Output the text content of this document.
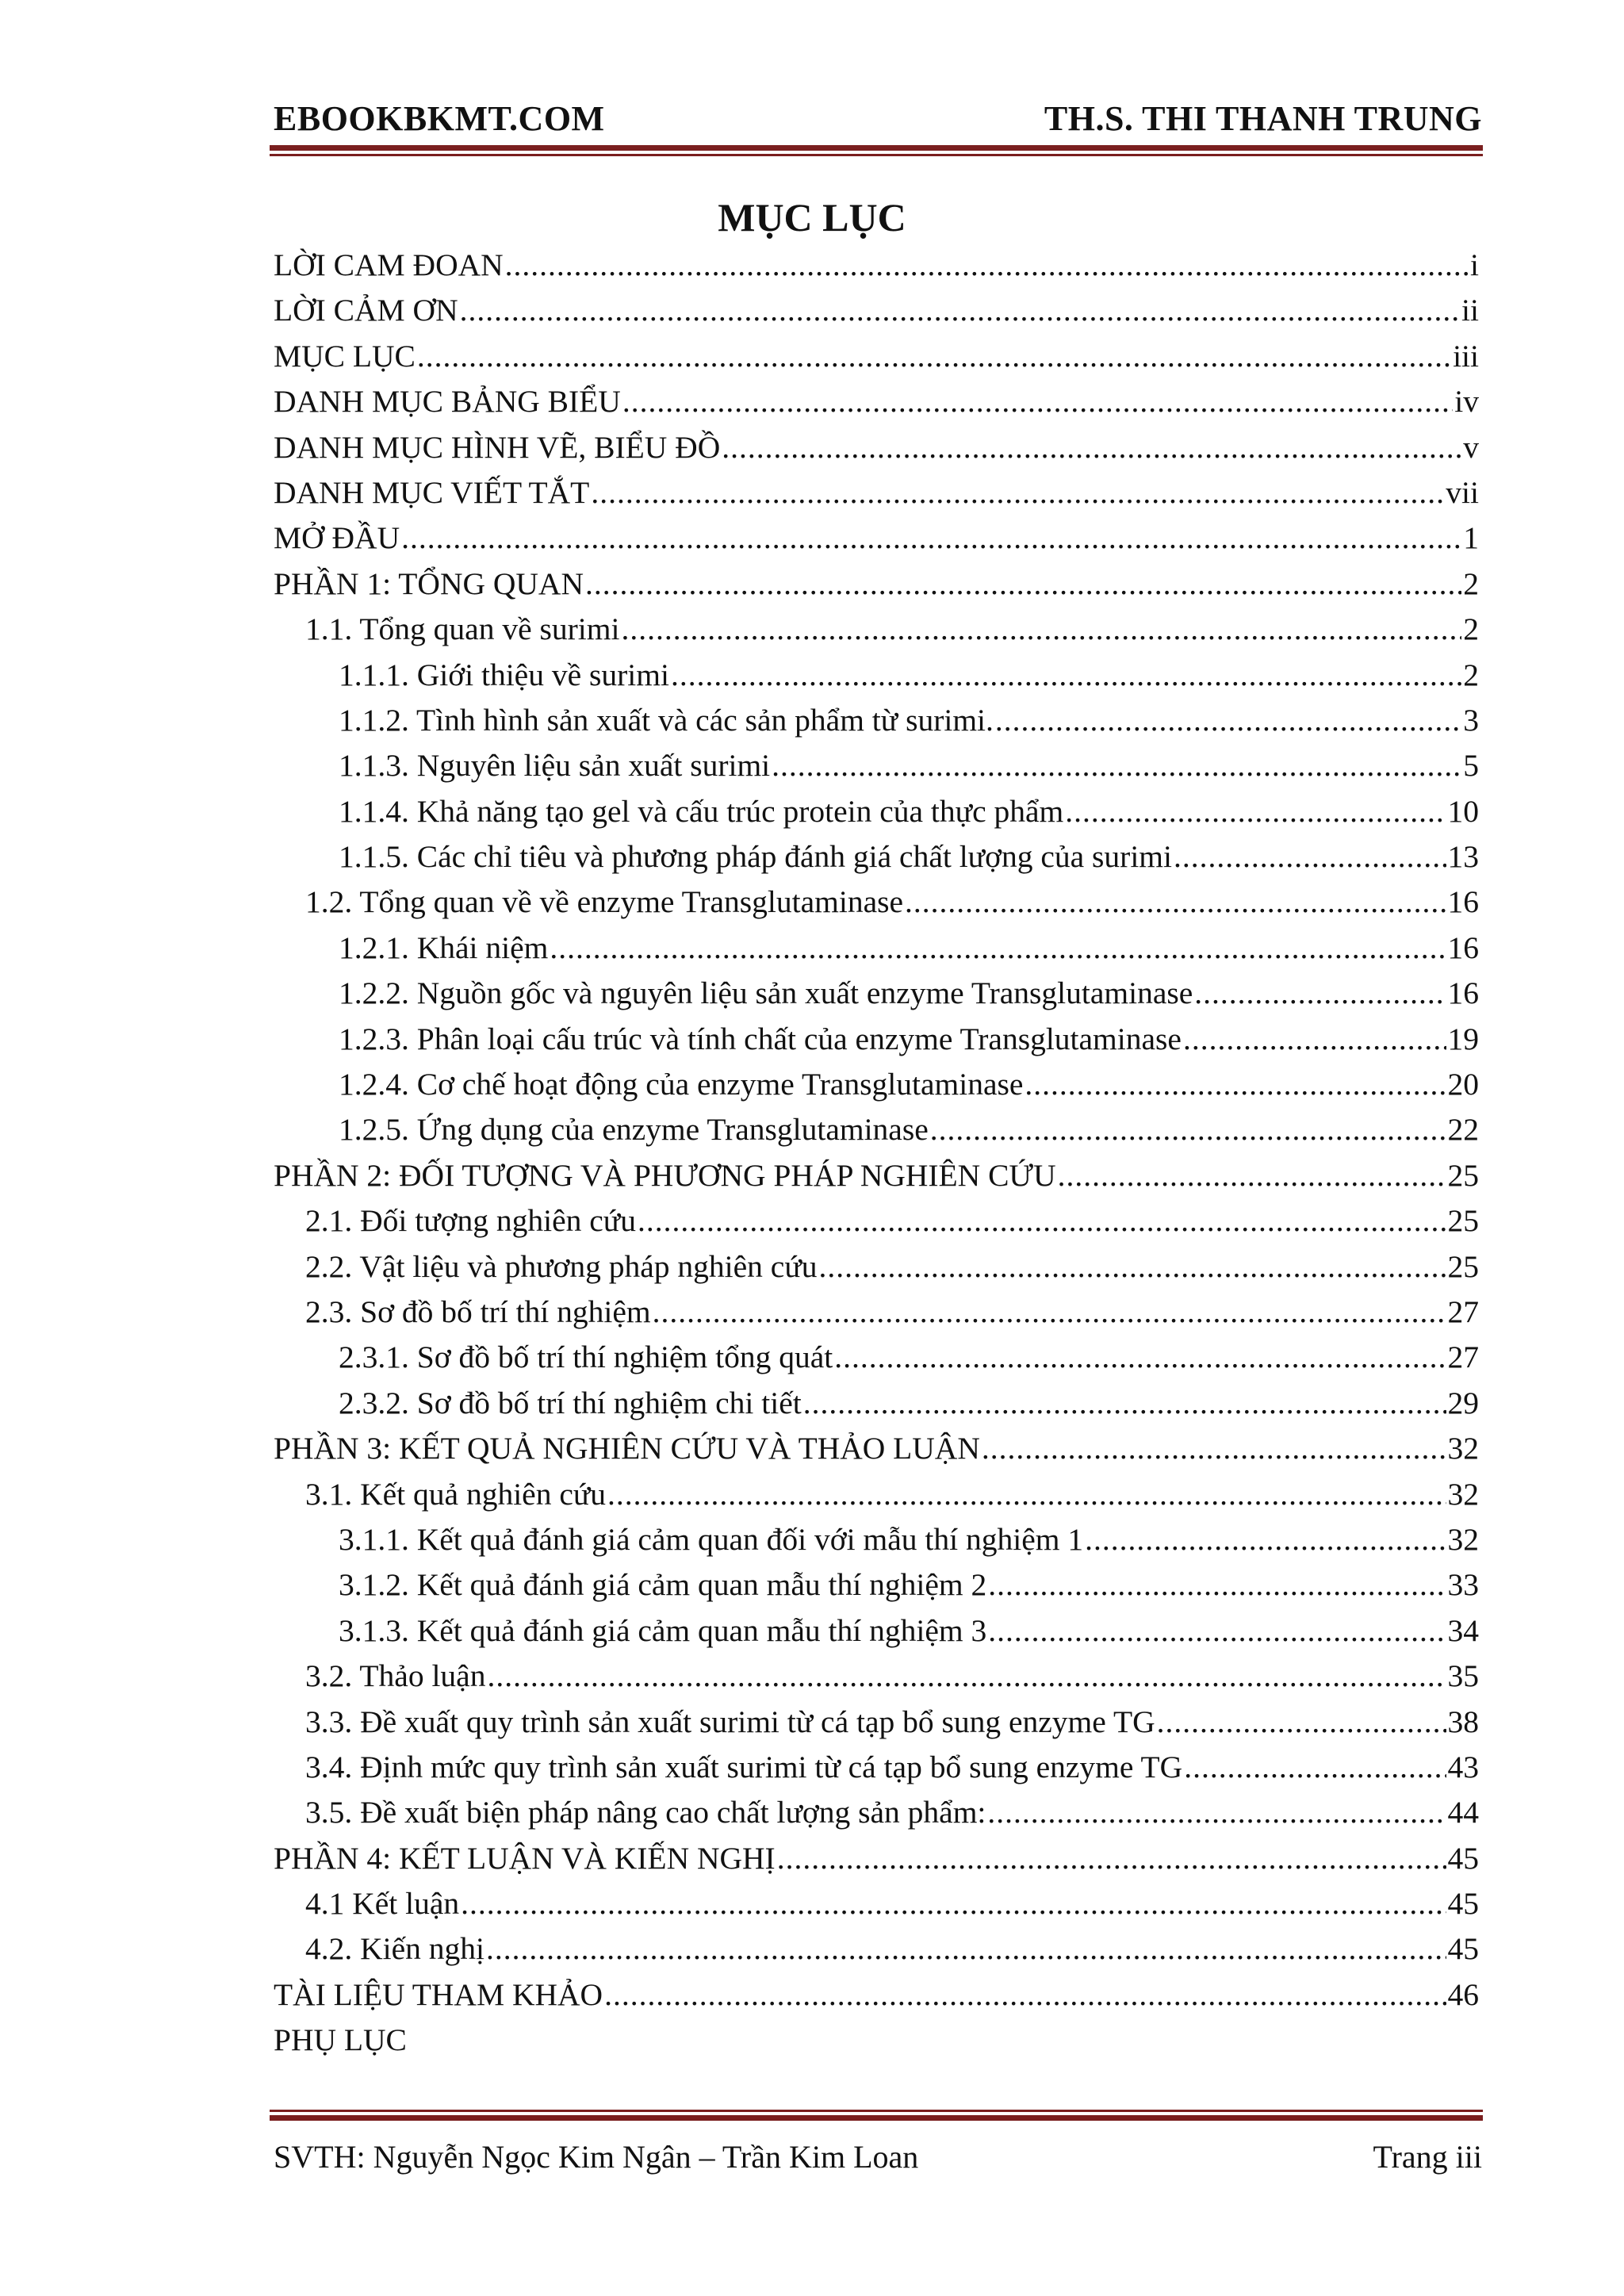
EBOOKBKMT.COM	TH.S. THI THANH TRUNG
MỤC LỤC
LỜI CAM ĐOAN .....	i
LỜI CẢM ƠN .....	ii
MỤC LỤC .....	iii
DANH MỤC BẢNG BIỂU .....	iv
DANH MỤC HÌNH VẼ, BIỂU ĐỒ .....	v
DANH MỤC VIẾT TẮT .....	vii
MỞ ĐẦU .....	1
PHẦN 1: TỔNG QUAN .....	2
1.1. Tổng quan về surimi .....	2
1.1.1. Giới thiệu về surimi .....	2
1.1.2. Tình hình sản xuất và các sản phẩm từ surimi. .....	3
1.1.3. Nguyên liệu sản xuất surimi .....	5
1.1.4. Khả năng tạo gel và cấu trúc protein của thực phẩm .....	10
1.1.5. Các chỉ tiêu và phương pháp đánh giá chất lượng của surimi .....	13
1.2. Tổng quan về về enzyme Transglutaminase .....	16
1.2.1. Khái niệm .....	16
1.2.2. Nguồn gốc và nguyên liệu sản xuất enzyme Transglutaminase .....	16
1.2.3. Phân loại cấu trúc và tính chất của enzyme Transglutaminase .....	19
1.2.4. Cơ chế hoạt động của enzyme Transglutaminase .....	20
1.2.5. Ứng dụng của enzyme Transglutaminase .....	22
PHẦN 2: ĐỐI TƯỢNG VÀ PHƯƠNG PHÁP NGHIÊN CỨU .....	25
2.1. Đối tượng nghiên cứu .....	25
2.2. Vật liệu và phương pháp nghiên cứu .....	25
2.3. Sơ đồ bố trí thí nghiệm .....	27
2.3.1. Sơ đồ bố trí thí nghiệm tổng quát .....	27
2.3.2. Sơ đồ bố trí thí nghiệm chi tiết .....	29
PHẦN 3: KẾT QUẢ NGHIÊN CỨU VÀ THẢO LUẬN .....	32
3.1. Kết quả nghiên cứu .....	32
3.1.1. Kết quả đánh giá cảm quan đối với mẫu thí nghiệm 1 .....	32
3.1.2. Kết quả đánh giá cảm quan mẫu thí nghiệm 2 .....	33
3.1.3. Kết quả đánh giá cảm quan mẫu thí nghiệm 3 .....	34
3.2. Thảo luận .....	35
3.3. Đề xuất quy trình sản xuất surimi từ cá tạp bổ sung enzyme TG .....	38
3.4. Định mức quy trình sản xuất surimi từ cá tạp bổ sung enzyme TG .....	43
3.5. Đề xuất biện pháp nâng cao chất lượng sản phẩm: .....	44
PHẦN 4: KẾT LUẬN VÀ KIẾN NGHỊ .....	45
4.1 Kết luận .....	45
4.2. Kiến nghị .....	45
TÀI LIỆU THAM KHẢO .....	46
PHỤ LỤC
SVTH: Nguyễn Ngọc Kim Ngân – Trần Kim Loan	Trang iii
